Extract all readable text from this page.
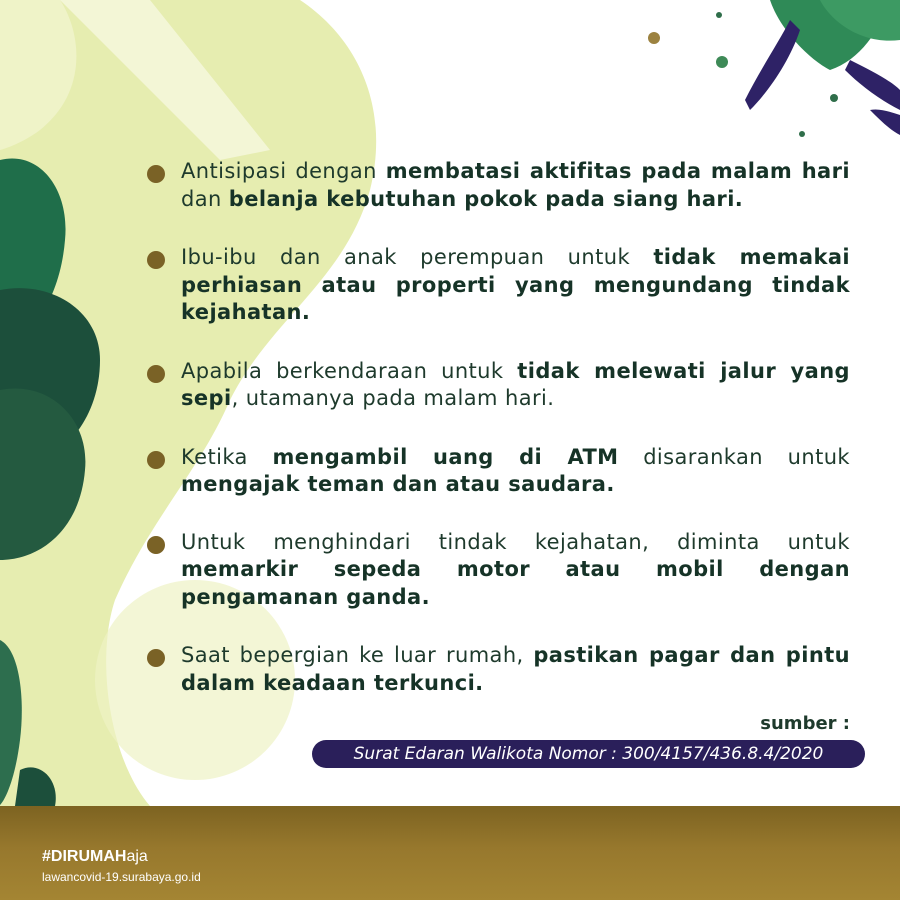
Antisipasi dengan membatasi aktifitas pada malam hari dan belanja kebutuhan pokok pada siang hari.
Ibu-ibu dan anak perempuan untuk tidak memakai perhiasan atau properti yang mengundang tindak kejahatan.
Apabila berkendaraan untuk tidak melewati jalur yang sepi, utamanya pada malam hari.
Ketika mengambil uang di ATM disarankan untuk mengajak teman dan atau saudara.
Untuk menghindari tindak kejahatan, diminta untuk memarkir sepeda motor atau mobil dengan pengamanan ganda.
Saat bepergian ke luar rumah, pastikan pagar dan pintu dalam keadaan terkunci.
sumber :
Surat Edaran Walikota Nomor : 300/4157/436.8.4/2020
#DIRUMAHaja
lawancovid-19.surabaya.go.id
